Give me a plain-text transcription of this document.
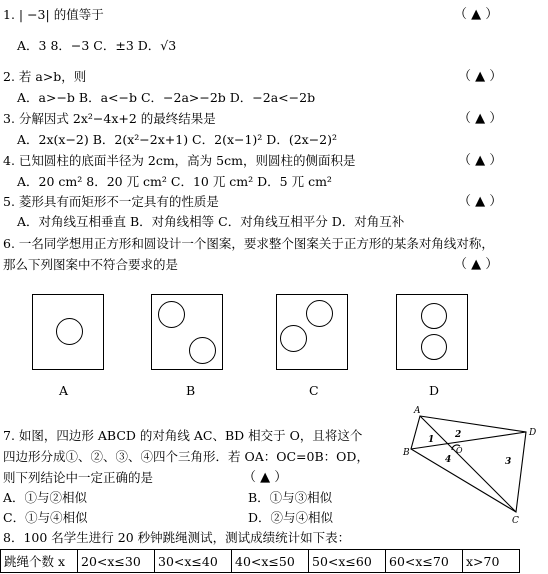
1. | −3| 的值等于	（ ▲ ）
A．3 8．−3 C．±3 D．√3
2. 若 a>b，则	（ ▲ ）
A．a>−b B．a<−b C．−2a>−2b D．−2a<−2b
3. 分解因式 2x²−4x+2 的最终结果是	（ ▲ ）
A．2x(x−2) B．2(x²−2x+1) C．2(x−1)² D．(2x−2)²
4. 已知圆柱的底面半径为 2cm，高为 5cm，则圆柱的侧面积是	（ ▲ ）
A．20 cm² 8．20 兀 cm² C．10 兀 cm² D．5 兀 cm²
5. 菱形具有而矩形不一定具有的性质是	（ ▲ ）
A．对角线互相垂直 B．对角线相等 C．对角线互相平分 D．对角互补
6. 一名同学想用正方形和圆设计一个图案，要求整个图案关于正方形的某条对角线对称，
那么下列图案中不符合要求的是	（ ▲ ）
A	B	C	D
7. 如图，四边形 ABCD 的对角线 AC、BD 相交于 O，且将这个
四边形分成①、②、③、④四个三角形．若 OA：OC=0B：OD，
则下列结论中一定正确的是	（ ▲ ）
A．①与②相似	B．①与③相似
C．①与④相似	D．②与④相似
A
D
B
C
O
1 2
3
4
8．100 名学生进行 20 秒钟跳绳测试，测试成绩统计如下表：
跳绳个数 x	20<x≤30	30<x≤40	40<x≤50	50<x≤60	60<x≤70	x>70
